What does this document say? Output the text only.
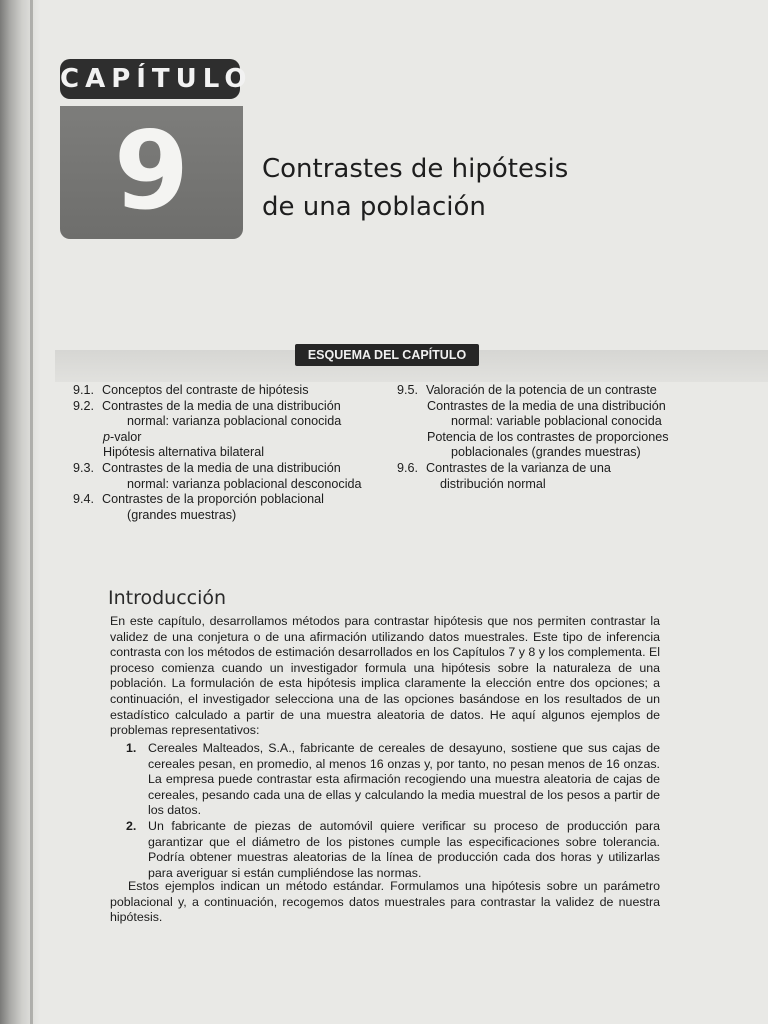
CAPÍTULO
9	Contrastes de hipótesis
de una población
ESQUEMA DEL CAPÍTULO
9.1. Conceptos del contraste de hipótesis
9.2. Contrastes de la media de una distribución
normal: varianza poblacional conocida
p-valor
Hipótesis alternativa bilateral
9.3. Contrastes de la media de una distribución
normal: varianza poblacional desconocida
9.4. Contrastes de la proporción poblacional
(grandes muestras)
9.5. Valoración de la potencia de un contraste
Contrastes de la media de una distribución
normal: variable poblacional conocida
Potencia de los contrastes de proporciones
poblacionales (grandes muestras)
9.6. Contrastes de la varianza de una
distribución normal
Introducción
En este capítulo, desarrollamos métodos para contrastar hipótesis que nos permiten contrastar la validez de una conjetura o de una afirmación utilizando datos muestrales. Este tipo de inferencia contrasta con los métodos de estimación desarrollados en los Capítulos 7 y 8 y los complementa. El proceso comienza cuando un investigador formula una hipótesis sobre la naturaleza de una población. La formulación de esta hipótesis implica claramente la elección entre dos opciones; a continuación, el investigador selecciona una de las opciones basándose en los resultados de un estadístico calculado a partir de una muestra aleatoria de datos. He aquí algunos ejemplos de problemas representativos:
1. Cereales Malteados, S.A., fabricante de cereales de desayuno, sostiene que sus cajas de cereales pesan, en promedio, al menos 16 onzas y, por tanto, no pesan menos de 16 onzas. La empresa puede contrastar esta afirmación recogiendo una muestra aleatoria de cajas de cereales, pesando cada una de ellas y calculando la media muestral de los pesos a partir de los datos.
2. Un fabricante de piezas de automóvil quiere verificar su proceso de producción para garantizar que el diámetro de los pistones cumple las especificaciones sobre tolerancia. Podría obtener muestras aleatorias de la línea de producción cada dos horas y utilizarlas para averiguar si están cumpliéndose las normas.
Estos ejemplos indican un método estándar. Formulamos una hipótesis sobre un parámetro poblacional y, a continuación, recogemos datos muestrales para contrastar la validez de nuestra hipótesis.
